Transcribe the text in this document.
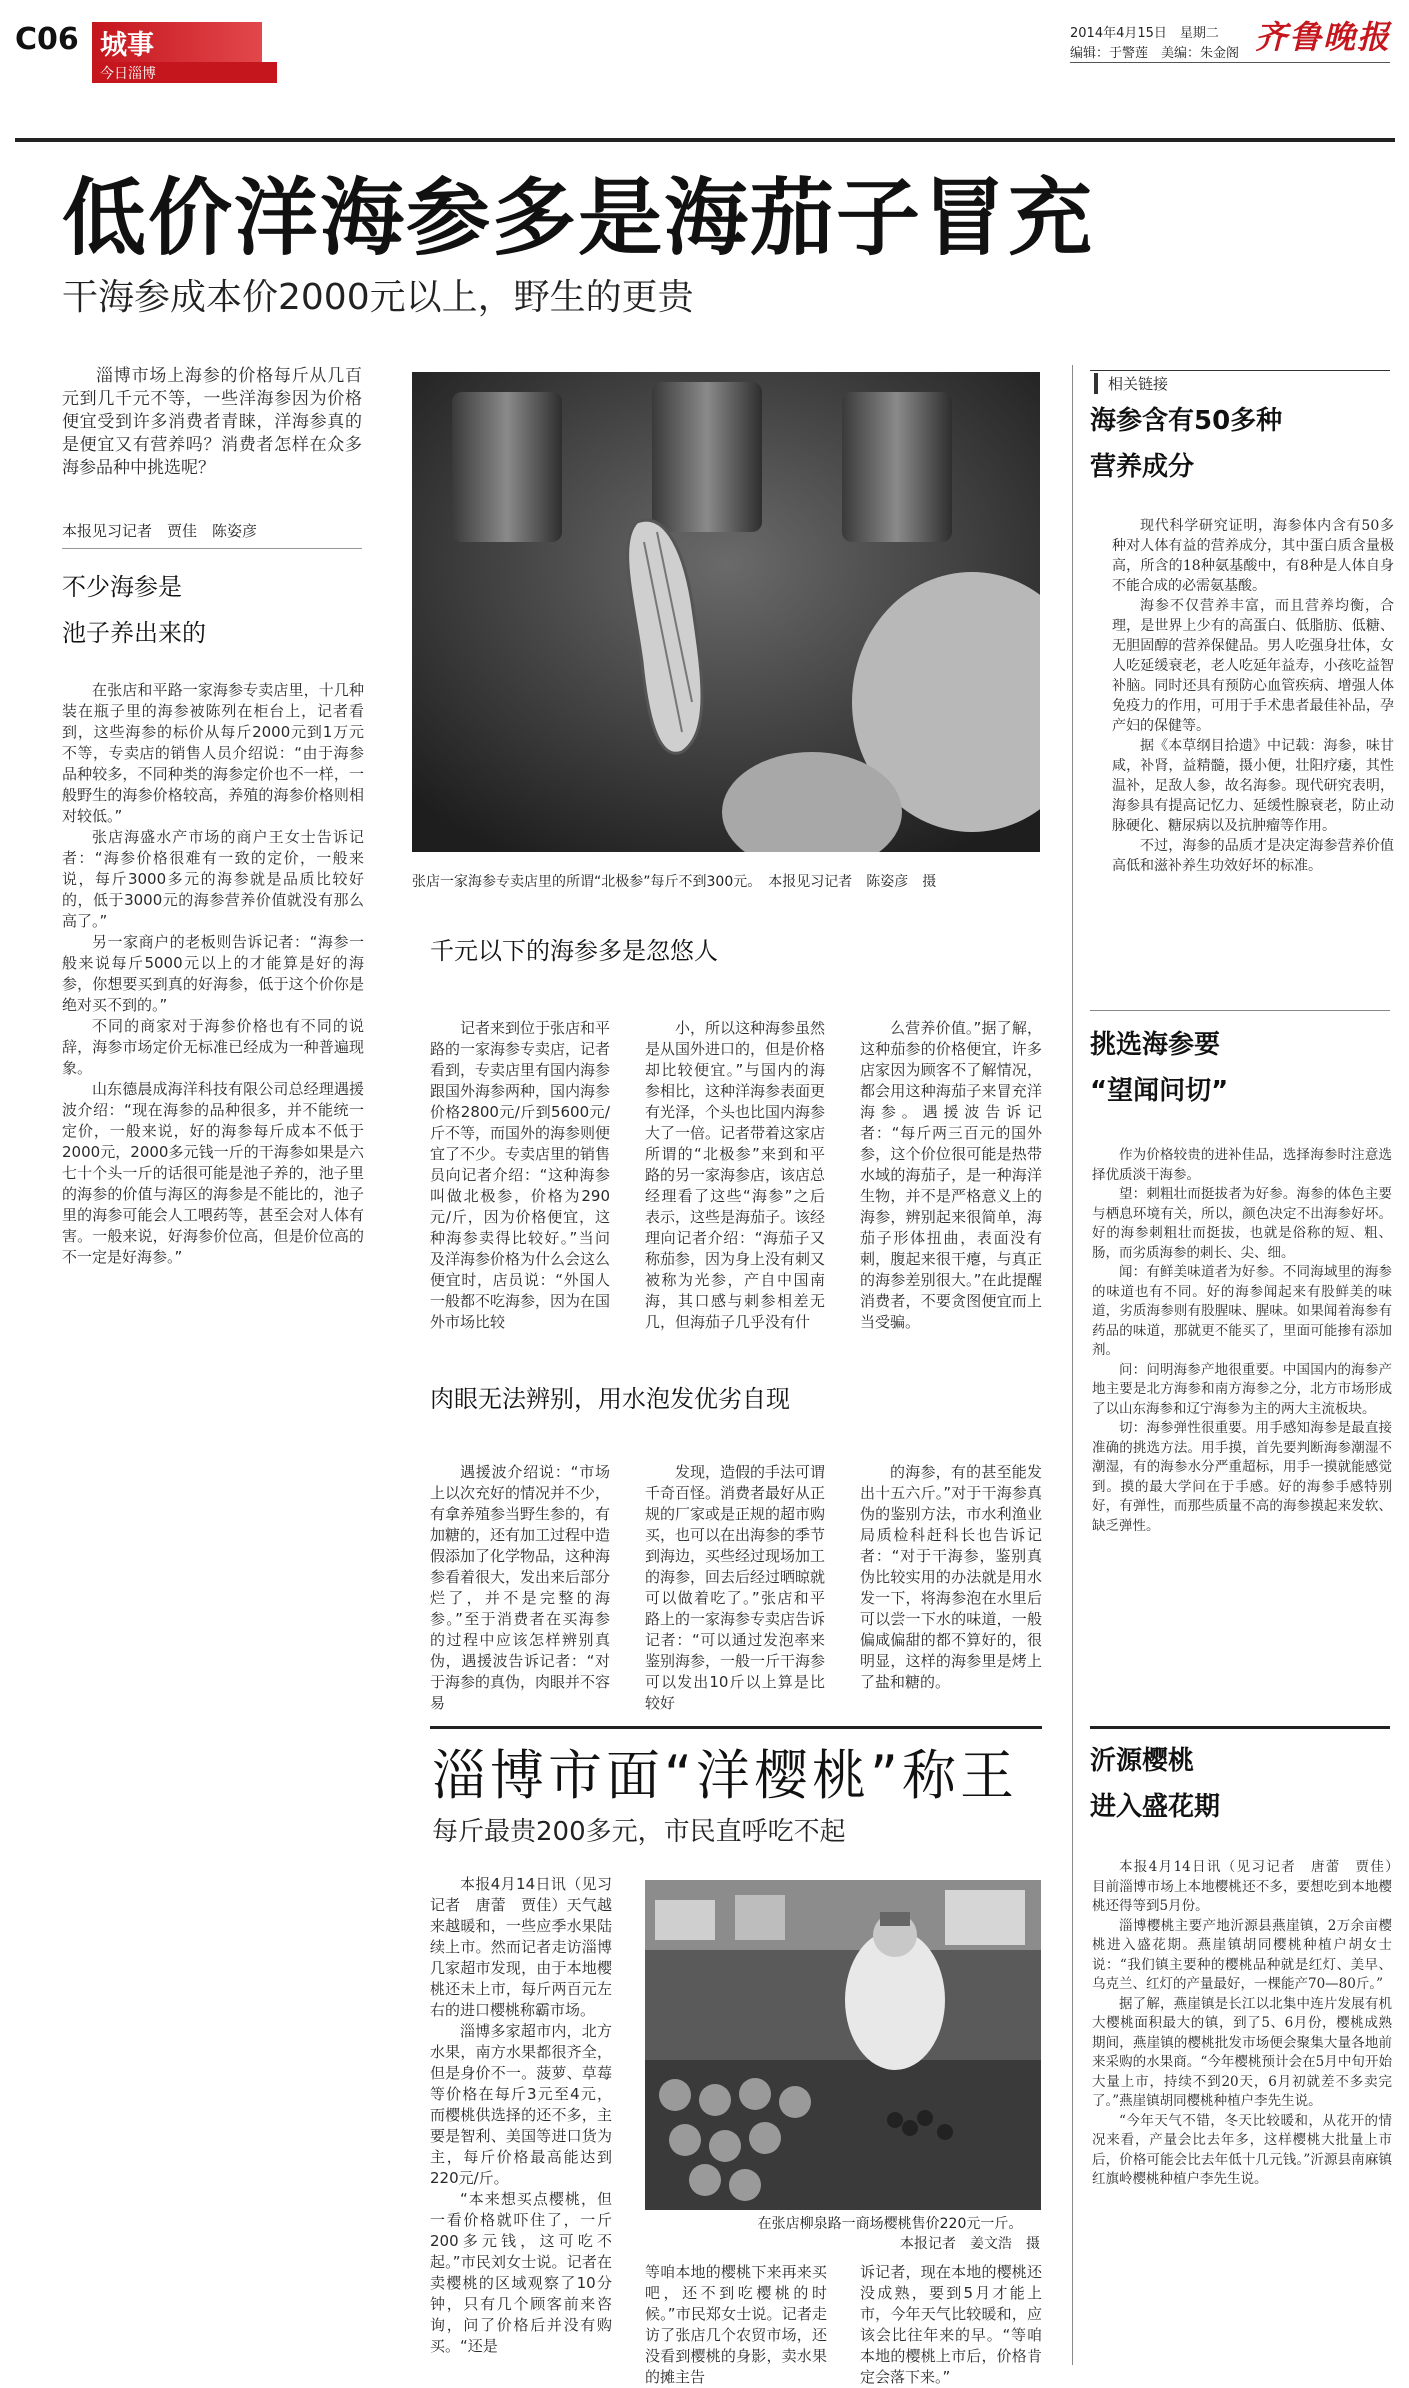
C06 城事
今日淄博
2014年4月15日　星期二
编辑：于警莲　美编：朱金阁 齐鲁晚报
低价洋海参多是海茄子冒充
干海参成本价2000元以上，野生的更贵
淄博市场上海参的价格每斤从几百元到几千元不等，一些洋海参因为价格便宜受到许多消费者青睐，洋海参真的是便宜又有营养吗？消费者怎样在众多海参品种中挑选呢？
本报见习记者　贾佳　陈姿彦
不少海参是
池子养出来的

在张店和平路一家海参专卖店里，十几种装在瓶子里的海参被陈列在柜台上，记者看到，这些海参的标价从每斤2000元到1万元不等，专卖店的销售人员介绍说：“由于海参品种较多，不同种类的海参定价也不一样，一般野生的海参价格较高，养殖的海参价格则相对较低。”

张店海盛水产市场的商户王女士告诉记者：“海参价格很难有一致的定价，一般来说，每斤3000多元的海参就是品质比较好的，低于3000元的海参营养价值就没有那么高了。”

另一家商户的老板则告诉记者：“海参一般来说每斤5000元以上的才能算是好的海参，你想要买到真的好海参，低于这个价你是绝对买不到的。”

不同的商家对于海参价格也有不同的说辞，海参市场定价无标准已经成为一种普遍现象。

山东德晨成海洋科技有限公司总经理遇援波介绍：“现在海参的品种很多，并不能统一定价，一般来说，好的海参每斤成本不低于2000元，2000多元钱一斤的干海参如果是六七十个头一斤的话很可能是池子养的，池子里的海参的价值与海区的海参是不能比的，池子里的海参可能会人工喂药等，甚至会对人体有害。一般来说，好海参价位高，但是价位高的不一定是好海参。”

张店一家海参专卖店里的所谓“北极参”每斤不到300元。　本报见习记者　陈姿彦　摄
千元以下的海参多是忽悠人
记者来到位于张店和平路的一家海参专卖店，记者看到，专卖店里有国内海参跟国外海参两种，国内海参价格2800元/斤到5600元/斤不等，而国外的海参则便宜了不少。专卖店里的销售员向记者介绍：“这种海参叫做北极参，价格为290元/斤，因为价格便宜，这种海参卖得比较好。”当问及洋海参价格为什么会这么便宜时，店员说：“外国人一般都不吃海参，因为在国外市场比较
小，所以这种海参虽然是从国外进口的，但是价格却比较便宜。”与国内的海参相比，这种洋海参表面更有光泽，个头也比国内海参大了一倍。记者带着这家店所谓的“北极参”来到和平路的另一家海参店，该店总经理看了这些“海参”之后表示，这些是海茄子。该经理向记者介绍：“海茄子又称茄参，因为身上没有刺又被称为光参，产自中国南海，其口感与刺参相差无几，但海茄子几乎没有什
么营养价值。”据了解，这种茄参的价格便宜，许多店家因为顾客不了解情况，都会用这种海茄子来冒充洋海参。遇援波告诉记者：“每斤两三百元的国外参，这个价位很可能是热带水域的海茄子，是一种海洋生物，并不是严格意义上的海参，辨别起来很简单，海茄子形体扭曲，表面没有刺，腹起来很干瘪，与真正的海参差别很大。”在此提醒消费者，不要贪图便宜而上当受骗。
肉眼无法辨别，用水泡发优劣自现
遇援波介绍说：“市场上以次充好的情况并不少，有拿养殖参当野生参的，有加糖的，还有加工过程中造假添加了化学物品，这种海参看着很大，发出来后部分烂了，并不是完整的海参。”至于消费者在买海参的过程中应该怎样辨别真伪，遇援波告诉记者：“对于海参的真伪，肉眼并不容易
发现，造假的手法可谓千奇百怪。消费者最好从正规的厂家或是正规的超市购买，也可以在出海参的季节到海边，买些经过现场加工的海参，回去后经过晒晾就可以做着吃了。”张店和平路上的一家海参专卖店告诉记者：“可以通过发泡率来鉴别海参，一般一斤干海参可以发出10斤以上算是比较好
的海参，有的甚至能发出十五六斤。”对于干海参真伪的鉴别方法，市水利渔业局质检科赶科长也告诉记者：“对于干海参，鉴别真伪比较实用的办法就是用水发一下，将海参泡在水里后可以尝一下水的味道，一般偏咸偏甜的都不算好的，很明显，这样的海参里是烤上了盐和糖的。
相关链接
海参含有50多种
营养成分

现代科学研究证明，海参体内含有50多种对人体有益的营养成分，其中蛋白质含量极高，所含的18种氨基酸中，有8种是人体自身不能合成的必需氨基酸。

海参不仅营养丰富，而且营养均衡，合理，是世界上少有的高蛋白、低脂肪、低糖、无胆固醇的营养保健品。男人吃强身壮体，女人吃延缓衰老，老人吃延年益寿，小孩吃益智补脑。同时还具有预防心血管疾病、增强人体免疫力的作用，可用于手术患者最佳补品，孕产妇的保健等。

据《本草纲目拾遗》中记载：海参，味甘咸，补肾，益精髓，摄小便，壮阳疗痿，其性温补，足敌人参，故名海参。现代研究表明，海参具有提高记忆力、延缓性腺衰老，防止动脉硬化、糖尿病以及抗肿瘤等作用。

不过，海参的品质才是决定海参营养价值高低和滋补养生功效好坏的标准。

挑选海参要
“望闻问切”

作为价格较贵的进补佳品，选择海参时注意选择优质淡干海参。

望：刺粗壮而挺拔者为好参。海参的体色主要与栖息环境有关，所以，颜色决定不出海参好坏。好的海参刺粗壮而挺拔，也就是俗称的短、粗、肠，而劣质海参的刺长、尖、细。

闻：有鲜美味道者为好参。不同海域里的海参的味道也有不同。好的海参闻起来有股鲜美的味道，劣质海参则有股腥味、腥味。如果闻着海参有药品的味道，那就更不能买了，里面可能掺有添加剂。

问：问明海参产地很重要。中国国内的海参产地主要是北方海参和南方海参之分，北方市场形成了以山东海参和辽宁海参为主的两大主流板块。

切：海参弹性很重要。用手感知海参是最直接准确的挑选方法。用手摸，首先要判断海参潮湿不潮湿，有的海参水分严重超标，用手一摸就能感觉到。摸的最大学问在于手感。好的海参手感特别好，有弹性，而那些质量不高的海参摸起来发软、缺乏弹性。

淄博市面“洋樱桃”称王
每斤最贵200多元，市民直呼吃不起

本报4月14日讯（见习记者　唐蕾　贾佳）天气越来越暖和，一些应季水果陆续上市。然而记者走访淄博几家超市发现，由于本地樱桃还未上市，每斤两百元左右的进口樱桃称霸市场。

淄博多家超市内，北方水果，南方水果都很齐全，但是身价不一。菠萝、草莓等价格在每斤3元至4元，而樱桃供选择的还不多，主要是智利、美国等进口货为主，每斤价格最高能达到220元/斤。

“本来想买点樱桃，但一看价格就吓住了，一斤200多元钱，这可吃不起。”市民刘女士说。记者在卖樱桃的区域观察了10分钟，只有几个顾客前来咨询，问了价格后并没有购买。“还是

在张店柳泉路一商场樱桃售价220元一斤。
本报记者　姜文浩　摄
等咱本地的樱桃下来再来买吧，还不到吃樱桃的时候。”市民郑女士说。记者走访了张店几个农贸市场，还没看到樱桃的身影，卖水果的摊主告
诉记者，现在本地的樱桃还没成熟，要到5月才能上市，今年天气比较暖和，应该会比往年来的早。“等咱本地的樱桃上市后，价格肯定会落下来。”
沂源樱桃
进入盛花期

本报4月14日讯（见习记者　唐蕾　贾佳）　目前淄博市场上本地樱桃还不多，要想吃到本地樱桃还得等到5月份。

淄博樱桃主要产地沂源县燕崖镇，2万余亩樱桃进入盛花期。燕崖镇胡同樱桃种植户胡女士说：“我们镇主要种的樱桃品种就是红灯、美早、乌克兰、红灯的产量最好，一棵能产70—80斤。”

据了解，燕崖镇是长江以北集中连片发展有机大樱桃面积最大的镇，到了5、6月份，樱桃成熟期间，燕崖镇的樱桃批发市场便会聚集大量各地前来采购的水果商。“今年樱桃预计会在5月中旬开始大量上市，持续不到20天，6月初就差不多卖完了。”燕崖镇胡同樱桃种植户李先生说。

“今年天气不错，冬天比较暖和，从花开的情况来看，产量会比去年多，这样樱桃大批量上市后，价格可能会比去年低十几元钱。”沂源县南麻镇红旗岭樱桃种植户李先生说。
